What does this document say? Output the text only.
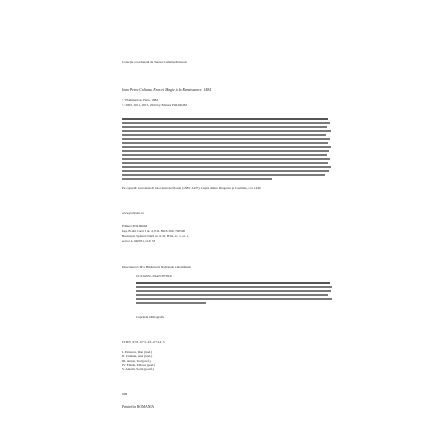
Colecţie coordonată de Teresa Culianu-Petrescu
Ioan Petru Culianu, Éros et Magie à la Renaissance. 1484
© Flammarion, Paris, 1984
© 2003, 2011, 2015, 2024 by Editura POLIROM
Pe copertă: Giovanni di Giovanni del Ponte (1385–1437), Lupta dintre Dragoste şi Castitate, cca 1440
www.polirom.ro
Editura POLIROM
Iaşi, B-dul Carol I nr. 4; P.O. BOX 266, 700506
Bucureşti, Splaiul Unirii nr. 6, bl. B3A, sc. 1, et. 1,
sector 4, 040031, O.P. 53
Descrierea CIP a Bibliotecii Naţionale a României:
CULIANU, IOAN PETRU
Cuprinde bibliografie
ISBN 978-973-46-0744-5
I. Petrescu, Dan (trad.)
II. Culianu, Ana (trad.)
III. Anton, Ted (pref.)
IV. Eliade, Mircea (pref.)
V. Antohi, Sorin (postf.)
008
Printed in ROMANIA
